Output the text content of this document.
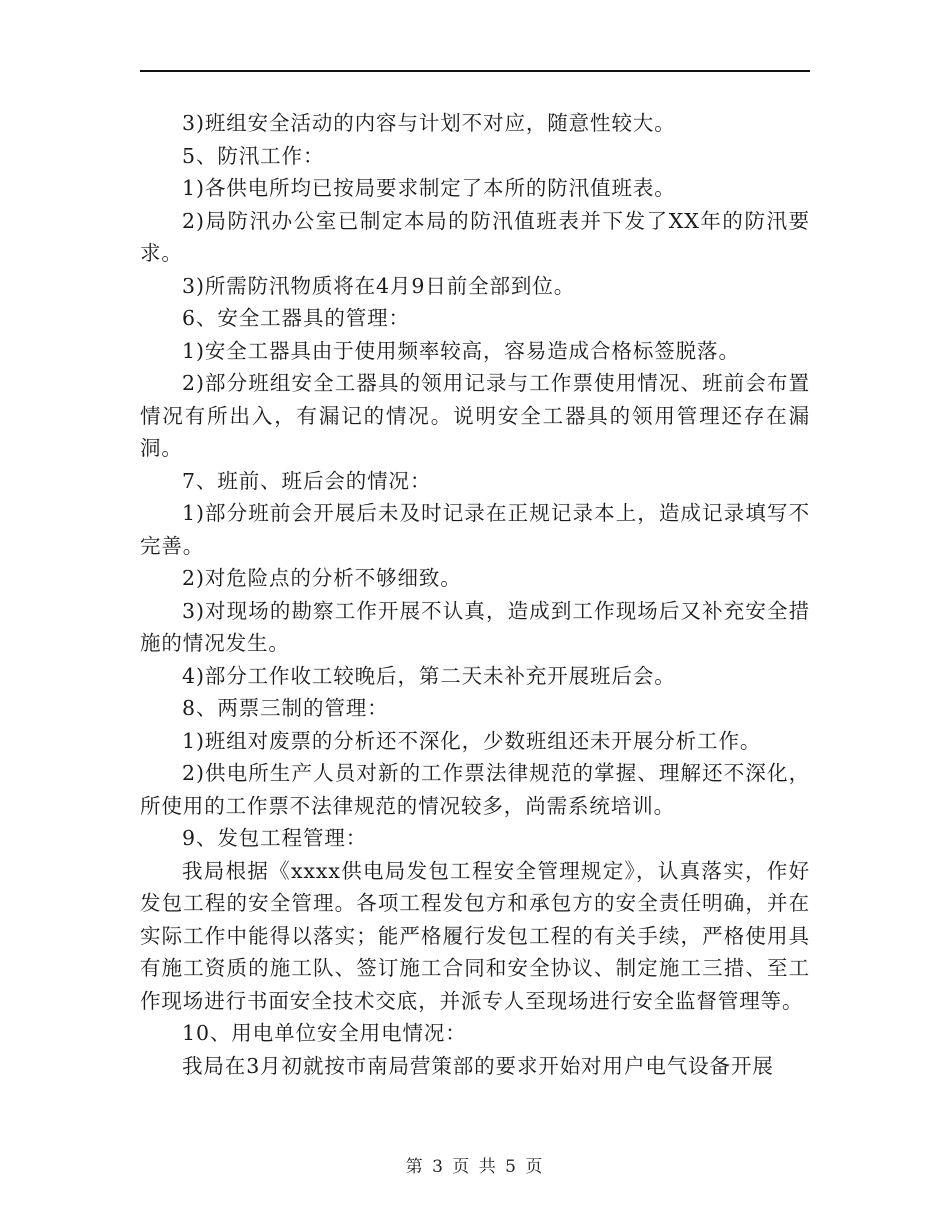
3)班组安全活动的内容与计划不对应，随意性较大。

5、防汛工作：

1)各供电所均已按局要求制定了本所的防汛值班表。

2)局防汛办公室已制定本局的防汛值班表并下发了XX年的防汛要求。

3)所需防汛物质将在4月9日前全部到位。

6、安全工器具的管理：

1)安全工器具由于使用频率较高，容易造成合格标签脱落。

2)部分班组安全工器具的领用记录与工作票使用情况、班前会布置情况有所出入，有漏记的情况。说明安全工器具的领用管理还存在漏洞。

7、班前、班后会的情况：

1)部分班前会开展后未及时记录在正规记录本上，造成记录填写不完善。

2)对危险点的分析不够细致。

3)对现场的勘察工作开展不认真，造成到工作现场后又补充安全措施的情况发生。

4)部分工作收工较晚后，第二天未补充开展班后会。

8、两票三制的管理：

1)班组对废票的分析还不深化，少数班组还未开展分析工作。

2)供电所生产人员对新的工作票法律规范的掌握、理解还不深化，所使用的工作票不法律规范的情况较多，尚需系统培训。

9、发包工程管理：

我局根据《xxxx供电局发包工程安全管理规定》，认真落实，作好发包工程的安全管理。各项工程发包方和承包方的安全责任明确，并在实际工作中能得以落实；能严格履行发包工程的有关手续，严格使用具有施工资质的施工队、签订施工合同和安全协议、制定施工三措、至工作现场进行书面安全技术交底，并派专人至现场进行安全监督管理等。

10、用电单位安全用电情况：

我局在3月初就按市南局营策部的要求开始对用户电气设备开展

第 3 页 共 5 页
